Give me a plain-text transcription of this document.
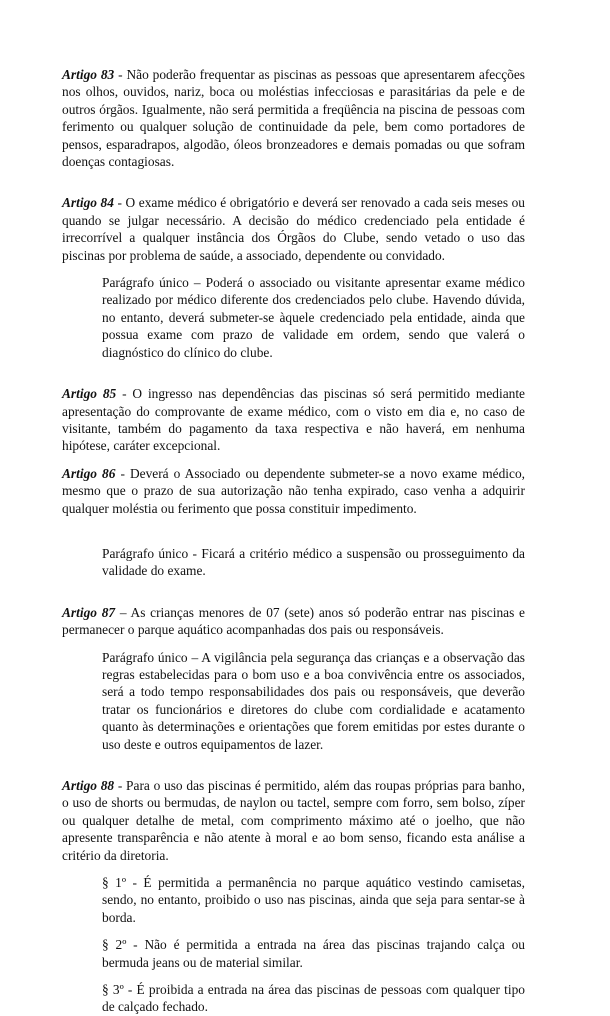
Artigo 83 - Não poderão frequentar as piscinas as pessoas que apresentarem afecções nos olhos, ouvidos, nariz, boca ou moléstias infecciosas e parasitárias da pele e de outros órgãos. Igualmente, não será permitida a freqüência na piscina de pessoas com ferimento ou qualquer solução de continuidade da pele, bem como portadores de pensos, esparadrapos, algodão, óleos bronzeadores e demais pomadas ou que sofram doenças contagiosas.

Artigo 84 - O exame médico é obrigatório e deverá ser renovado a cada seis meses ou quando se julgar necessário. A decisão do médico credenciado pela entidade é irrecorrível a qualquer instância dos Órgãos do Clube, sendo vetado o uso das piscinas por problema de saúde, a associado, dependente ou convidado.

Parágrafo único – Poderá o associado ou visitante apresentar exame médico realizado por médico diferente dos credenciados pelo clube. Havendo dúvida, no entanto, deverá submeter-se àquele credenciado pela entidade, ainda que possua exame com prazo de validade em ordem, sendo que valerá o diagnóstico do clínico do clube.

Artigo 85 - O ingresso nas dependências das piscinas só será permitido mediante apresentação do comprovante de exame médico, com o visto em dia e, no caso de visitante, também do pagamento da taxa respectiva e não haverá, em nenhuma hipótese, caráter excepcional.

Artigo 86 - Deverá o Associado ou dependente submeter-se a novo exame médico, mesmo que o prazo de sua autorização não tenha expirado, caso venha a adquirir qualquer moléstia ou ferimento que possa constituir impedimento.

Parágrafo único - Ficará a critério médico a suspensão ou prosseguimento da validade do exame.

Artigo 87 – As crianças menores de 07 (sete) anos só poderão entrar nas piscinas e permanecer o parque aquático acompanhadas dos pais ou responsáveis.

Parágrafo único – A vigilância pela segurança das crianças e a observação das regras estabelecidas para o bom uso e a boa convivência entre os associados, será a todo tempo responsabilidades dos pais ou responsáveis, que deverão tratar os funcionários e diretores do clube com cordialidade e acatamento quanto às determinações e orientações que forem emitidas por estes durante o uso deste e outros equipamentos de lazer.

Artigo 88 - Para o uso das piscinas é permitido, além das roupas próprias para banho, o uso de shorts ou bermudas, de naylon ou tactel, sempre com forro, sem bolso, zíper ou qualquer detalhe de metal, com comprimento máximo até o joelho, que não apresente transparência e não atente à moral e ao bom senso, ficando esta análise a critério da diretoria.

§ 1º - É permitida a permanência no parque aquático vestindo camisetas, sendo, no entanto, proibido o uso nas piscinas, ainda que seja para sentar-se à borda.

§ 2º - Não é permitida a entrada na área das piscinas trajando calça ou bermuda jeans ou de material similar.

§ 3º - É proibida a entrada na área das piscinas de pessoas com qualquer tipo de calçado fechado.
